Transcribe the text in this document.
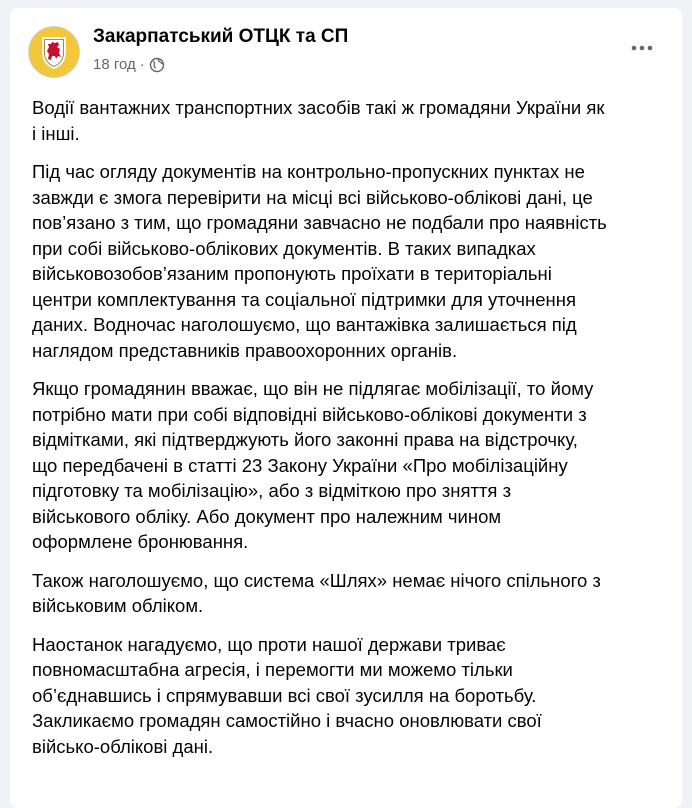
Закарпатський ОТЦК та СП
18 год ·

Водії вантажних транспортних засобів такі ж громадяни України як
і інші.

Під час огляду документів на контрольно-пропускних пунктах не
завжди є змога перевірити на місці всі військово-облікові дані, це
пов’язано з тим, що громадяни завчасно не подбали про наявність
при собі військово-облікових документів. В таких випадках
військовозобов’язаним пропонують проїхати в територіальні
центри комплектування та соціальної підтримки для уточнення
даних. Водночас наголошуємо, що вантажівка залишається під
наглядом представників правоохоронних органів.

Якщо громадянин вважає, що він не підлягає мобілізації, то йому
потрібно мати при собі відповідні військово-облікові документи з
відмітками, які підтверджують його законні права на відстрочку,
що передбачені в статті 23 Закону України «Про мобілізаційну
підготовку та мобілізацію», або з відміткою про зняття з
військового обліку. Або документ про належним чином
оформлене бронювання.

Також наголошуємо, що система «Шлях» немає нічого спільного з
військовим обліком.

Наостанок нагадуємо, що проти нашої держави триває
повномасштабна агресія, і перемогти ми можемо тільки
об’єднавшись і спрямувавши всі свої зусилля на боротьбу.
Закликаємо громадян самостійно і вчасно оновлювати свої
військо-облікові дані.
